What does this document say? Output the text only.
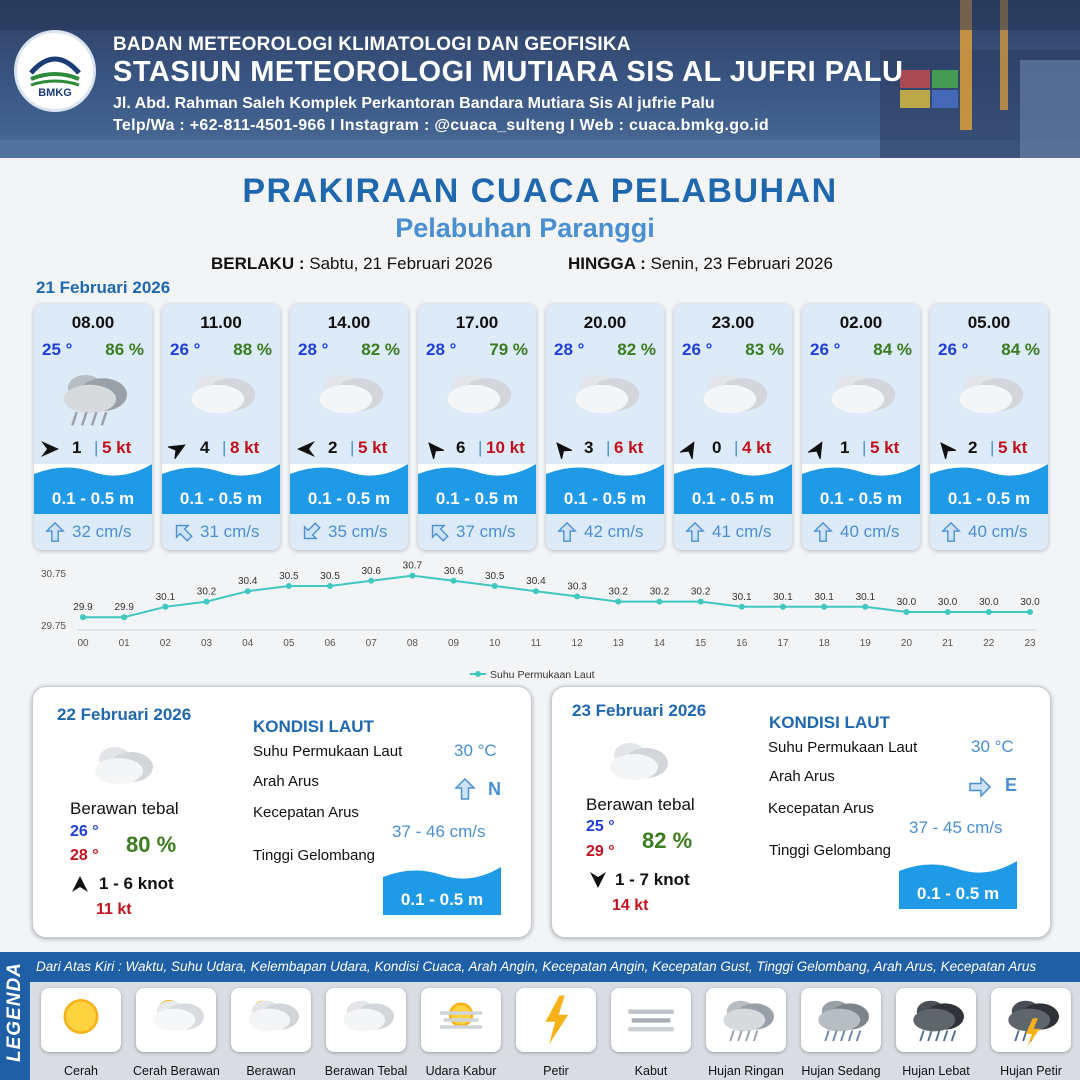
BMKG
BADAN METEOROLOGI KLIMATOLOGI DAN GEOFISIKA
STASIUN METEOROLOGI MUTIARA SIS AL JUFRI PALU
Jl. Abd. Rahman Saleh Komplek Perkantoran Bandara Mutiara Sis Al jufrie Palu
Telp/Wa : +62-811-4501-966 I Instagram : @cuaca_sulteng I Web : cuaca.bmkg.go.id
PRAKIRAAN CUACA PELABUHAN
Pelabuhan Paranggi
BERLAKU : Sabtu, 21 Februari 2026	HINGGA : Senin, 23 Februari 2026
21 Februari 2026
08.00
25 ° 86 %
1 | 5 kt
0.1 - 0.5 m
32 cm/s
11.00
26 ° 88 %
4 | 8 kt
0.1 - 0.5 m
31 cm/s
14.00
28 ° 82 %
2 | 5 kt
0.1 - 0.5 m
35 cm/s
17.00
28 ° 79 %
6 | 10 kt
0.1 - 0.5 m
37 cm/s
20.00
28 ° 82 %
3 | 6 kt
0.1 - 0.5 m
42 cm/s
23.00
26 ° 83 %
0 | 4 kt
0.1 - 0.5 m
41 cm/s
02.00
26 ° 84 %
1 | 5 kt
0.1 - 0.5 m
40 cm/s
05.00
26 ° 84 %
2 | 5 kt
0.1 - 0.5 m
40 cm/s
30.75
29.75
00	01	02	03	04	05	06	07	08	09	10	11	12	13	14	15	16	17	18	19	20	21	22	23
29.9 29.9
30.1 30.2
30.4 30.5 30.5 30.6 30.7 30.6 30.5 30.4 30.3 30.2 30.2 30.2 30.1 30.1 30.1 30.1 30.0 30.0 30.0 30.0
Suhu Permukaan Laut
22 Februari 2026
Berawan tebal
26 °
28 ° 80 %
1 - 6 knot
11 kt
KONDISI LAUT
Suhu Permukaan Laut	30 °C
Arah Arus	N
Kecepatan Arus
37 - 46 cm/s
Tinggi Gelombang
0.1 - 0.5 m
23 Februari 2026
Berawan tebal
25 °
29 ° 82 %
1 - 7 knot
14 kt
KONDISI LAUT
Suhu Permukaan Laut	30 °C
Arah Arus	E
Kecepatan Arus
37 - 45 cm/s
Tinggi Gelombang
0.1 - 0.5 m
LEGENDA Dari Atas Kiri : Waktu, Suhu Udara, Kelembapan Udara, Kondisi Cuaca, Arah Angin, Kecepatan Angin, Kecepatan Gust, Tinggi Gelombang, Arah Arus, Kecepatan Arus
Cerah	Cerah Berawan	Berawan	Berawan Tebal	Udara Kabur	Petir	Kabut	Hujan Ringan	Hujan Sedang	Hujan Lebat	Hujan Petir
